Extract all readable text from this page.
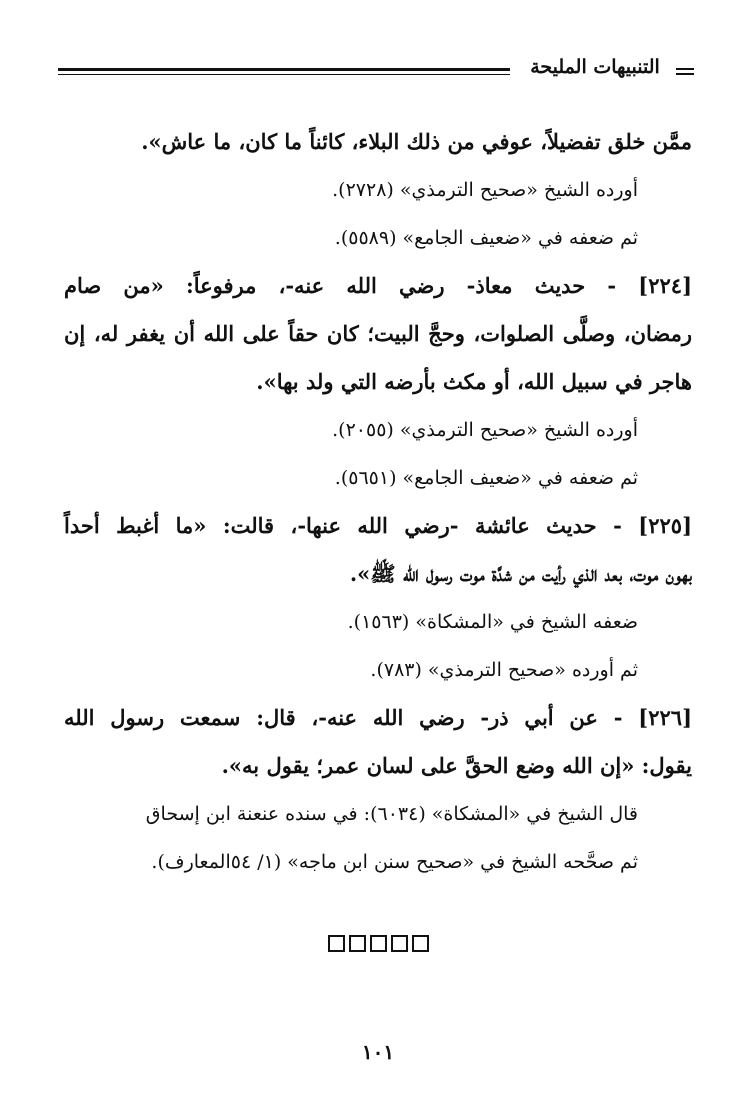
التنبيهات المليحة
ممَّن خلق تفضيلاً، عوفي من ذلك البلاء، كائناً ما كان، ما عاش».
أورده الشيخ «صحيح الترمذي» (٢٧٢٨).
ثم ضعفه في «ضعيف الجامع» (٥٥٨٩).
[٢٢٤] - حديث معاذ- رضي الله عنه-، مرفوعاً: «من صام
رمضان، وصلَّى الصلوات، وحجَّ البيت؛ كان حقاً على الله أن يغفر له، إن
هاجر في سبيل الله، أو مكث بأرضه التي ولد بها».
أورده الشيخ «صحيح الترمذي» (٢٠٥٥).
ثم ضعفه في «ضعيف الجامع» (٥٦٥١).
[٢٢٥] - حديث عائشة -رضي الله عنها-، قالت: «ما أغبط أحداً
بهون موت، بعد الذي رأيت من شدَّة موت رسول الله ﷺ».
ضعفه الشيخ في «المشكاة» (١٥٦٣).
ثم أورده «صحيح الترمذي» (٧٨٣).
[٢٢٦] - عن أبي ذر- رضي الله عنه-، قال: سمعت رسول الله
يقول: «إن الله وضع الحقَّ على لسان عمر؛ يقول به».
قال الشيخ في «المشكاة» (٦٠٣٤): في سنده عنعنة ابن إسحاق
ثم صحَّحه الشيخ في «صحيح سنن ابن ماجه» (١/ ٥٤المعارف).
١٠١
